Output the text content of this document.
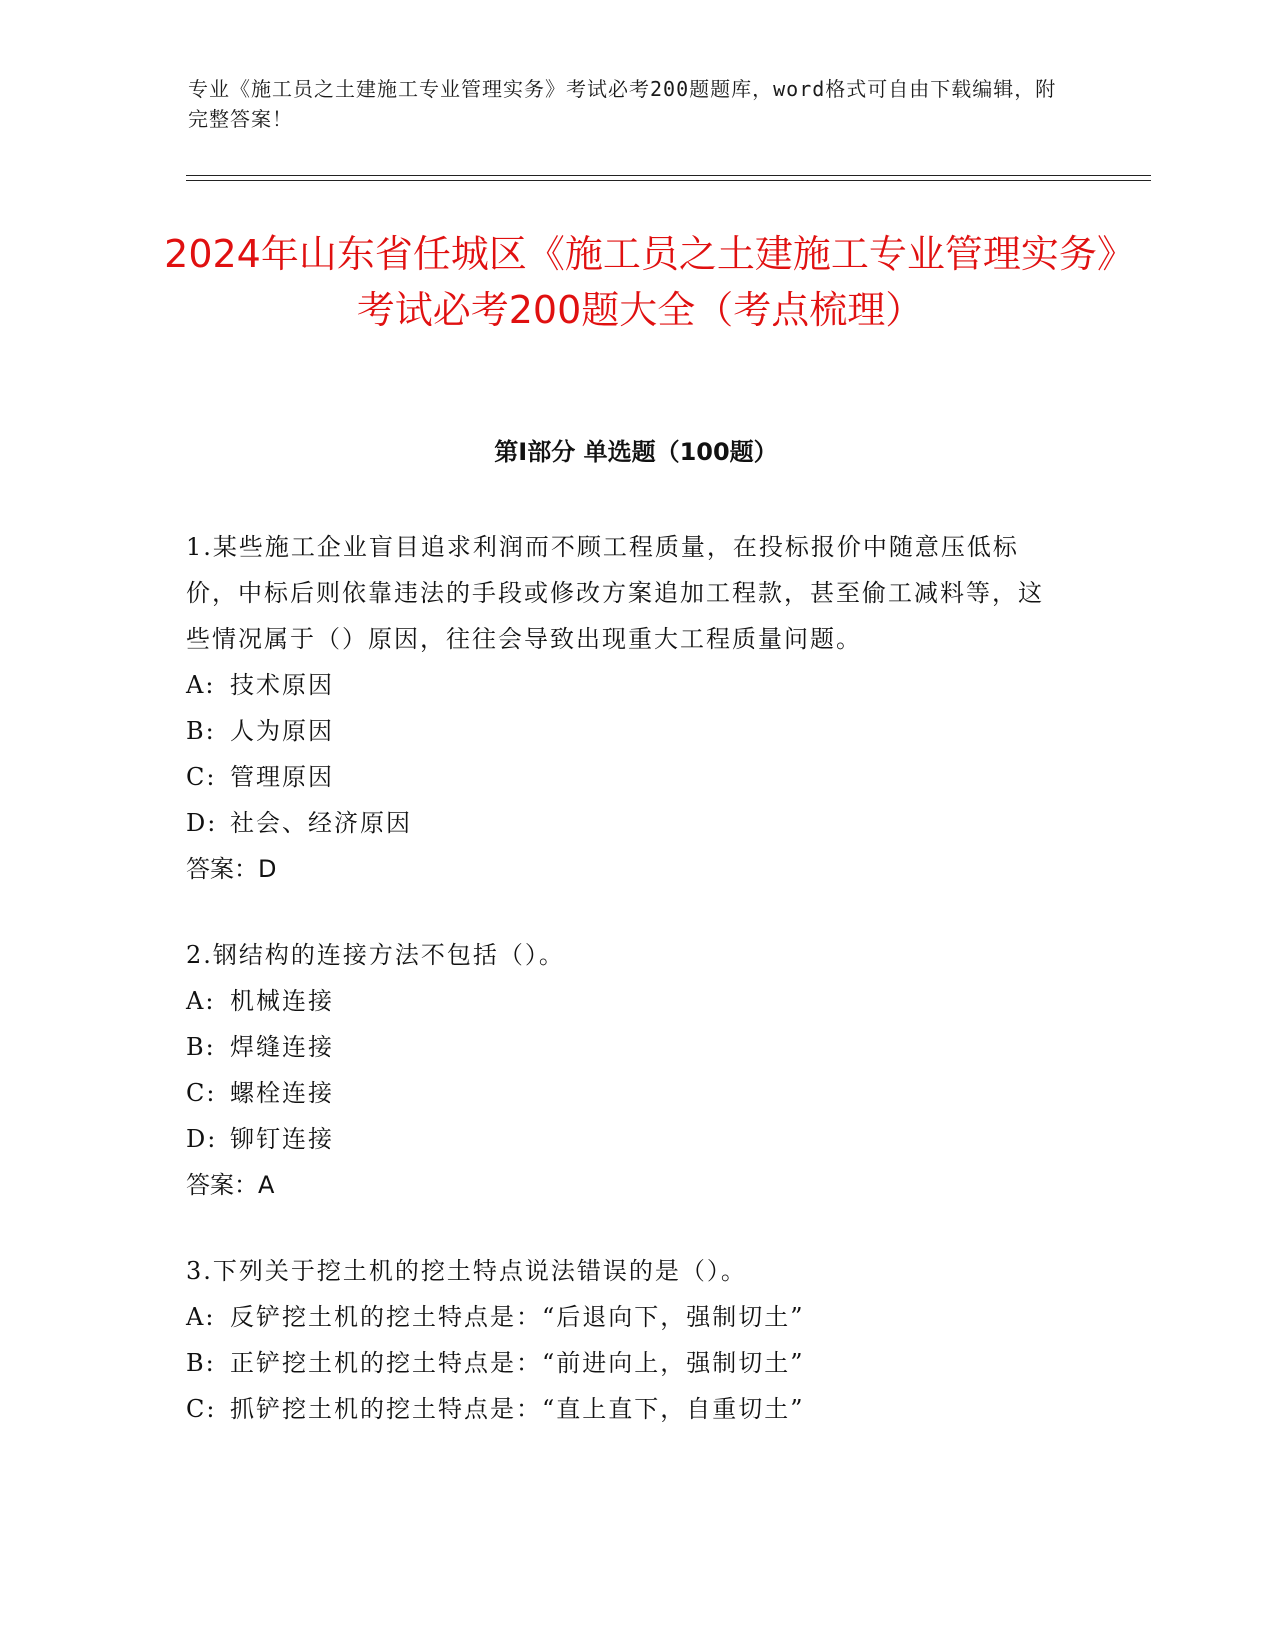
专业《施工员之土建施工专业管理实务》考试必考200题题库，word格式可自由下载编辑，附完整答案！
2024年山东省任城区《施工员之土建施工专业管理实务》考试必考200题大全（考点梳理）
第I部分 单选题（100题）

1.某些施工企业盲目追求利润而不顾工程质量，在投标报价中随意压低标价，中标后则依靠违法的手段或修改方案追加工程款，甚至偷工减料等，这些情况属于（）原因，往往会导致出现重大工程质量问题。

A: 技术原因

B: 人为原因

C: 管理原因

D: 社会、经济原因

答案：D

2.钢结构的连接方法不包括（）。

A: 机械连接

B: 焊缝连接

C: 螺栓连接

D: 铆钉连接

答案：A

3.下列关于挖土机的挖土特点说法错误的是（）。

A: 反铲挖土机的挖土特点是：“后退向下，强制切土”

B: 正铲挖土机的挖土特点是：“前进向上，强制切土”

C: 抓铲挖土机的挖土特点是：“直上直下，自重切土”
